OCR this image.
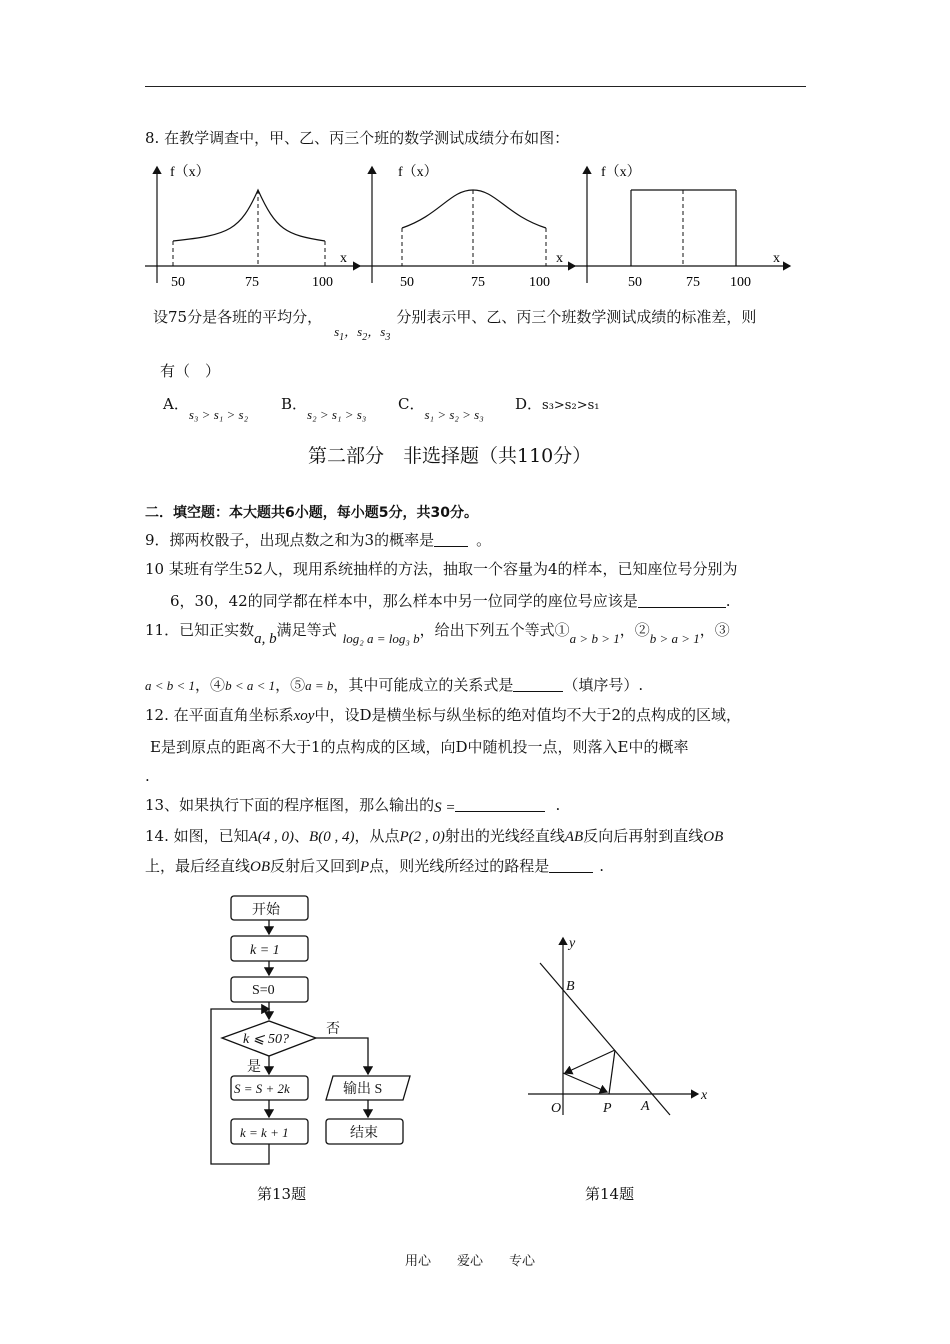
8. 在教学调查中，甲、乙、丙三个班的数学测试成绩分布如图：
f（x）
x
50	75	100
f（x）
x
50	75	100
f（x）
x
50	75 100
设75分是各班的平均分，$s_1$，$s_2$，$s_3$分别表示甲、乙、丙三个班数学测试成绩的标准差，则
有（　）
A．s₃ > s₁ > s₂
B．s₂ > s₁ > s₃
C．s₁ > s₂ > s₃
D．s₃>s₂>s₁
第二部分　非选择题（共110分）
二．填空题：本大题共6小题，每小题5分，共30分。
9．掷两枚骰子，出现点数之和为3的概率是	。
10 某班有学生52人，现用系统抽样的方法，抽取一个容量为4的样本，已知座位号分别为
6，30，42的同学都在样本中，那么样本中另一位同学的座位号应该是	.
11．已知正实数a, b满足等式 log₂ a = log₃ b，给出下列五个等式①a > b > 1，②b > a > 1，③
a < b < 1，④b < a < 1，⑤a = b，其中可能成立的关系式是	（填序号）.
12. 在平面直角坐标系xoy中，设D是横坐标与纵坐标的绝对值均不大于2的点构成的区域，
E是到原点的距离不大于1的点构成的区域，向D中随机投一点，则落入E中的概率
.
13、如果执行下面的程序框图，那么输出的S =	.
14. 如图，已知A(4 , 0)、B(0 , 4)，从点P(2 , 0)射出的光线经直线AB反向后再射到直线OB
上，最后经直线OB反射后又回到P点，则光线所经过的路程是	.
开始
k = 1
S=0
k ⩽ 50?
否
是
S = S + 2k	输出 S
k = k + 1	结束
y
x
B
O	P A
第13题	第14题
用心　　爱心　　专心
